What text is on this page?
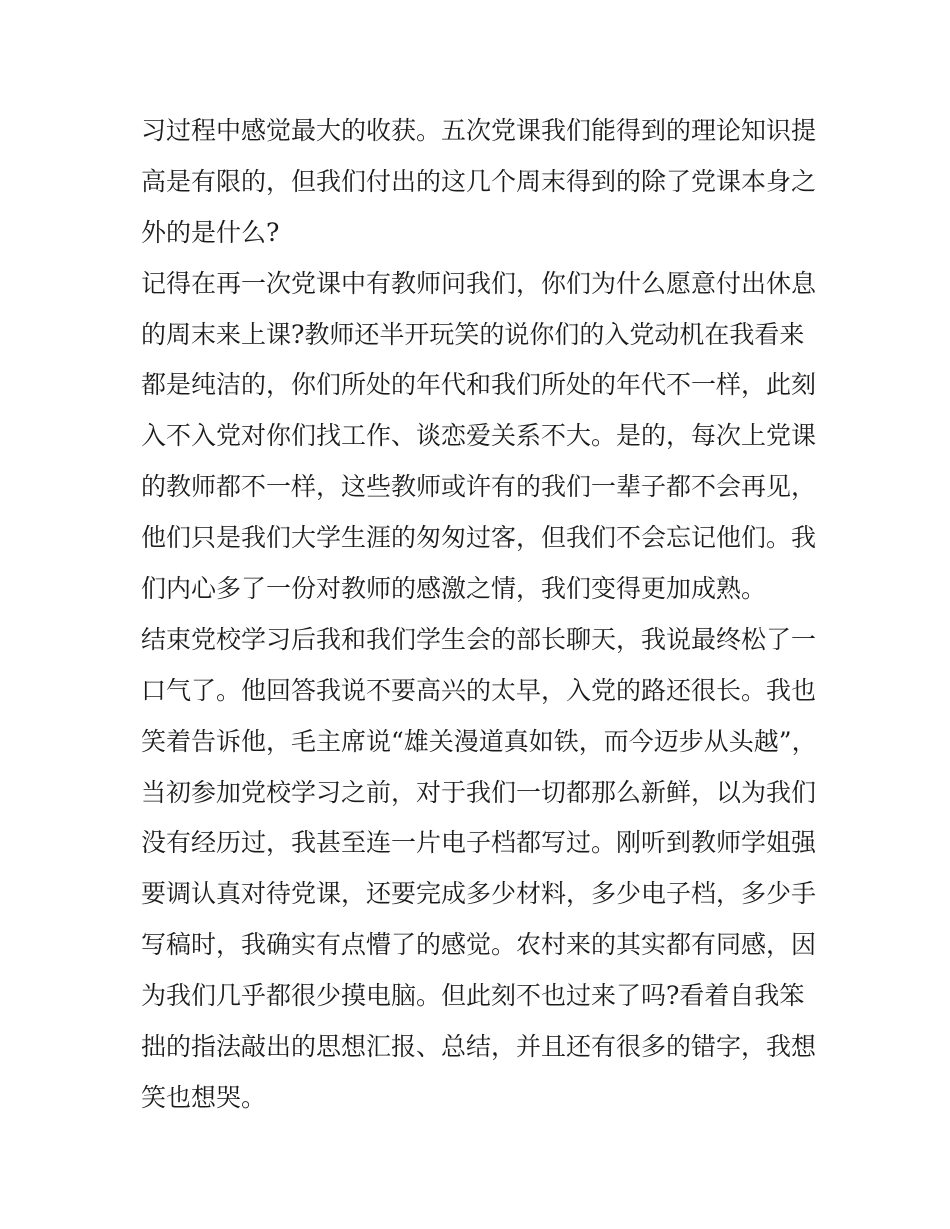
习过程中感觉最大的收获。五次党课我们能得到的理论知识提
高是有限的，但我们付出的这几个周末得到的除了党课本身之
外的是什么?
记得在再一次党课中有教师问我们，你们为什么愿意付出休息
的周末来上课?教师还半开玩笑的说你们的入党动机在我看来
都是纯洁的，你们所处的年代和我们所处的年代不一样，此刻
入不入党对你们找工作、谈恋爱关系不大。是的，每次上党课
的教师都不一样，这些教师或许有的我们一辈子都不会再见，
他们只是我们大学生涯的匆匆过客，但我们不会忘记他们。我
们内心多了一份对教师的感激之情，我们变得更加成熟。
结束党校学习后我和我们学生会的部长聊天，我说最终松了一
口气了。他回答我说不要高兴的太早，入党的路还很长。我也
笑着告诉他，毛主席说“雄关漫道真如铁，而今迈步从头越”，
当初参加党校学习之前，对于我们一切都那么新鲜，以为我们
没有经历过，我甚至连一片电子档都写过。刚听到教师学姐强
要调认真对待党课，还要完成多少材料，多少电子档，多少手
写稿时，我确实有点懵了的感觉。农村来的其实都有同感，因
为我们几乎都很少摸电脑。但此刻不也过来了吗?看着自我笨
拙的指法敲出的思想汇报、总结，并且还有很多的错字，我想
笑也想哭。
